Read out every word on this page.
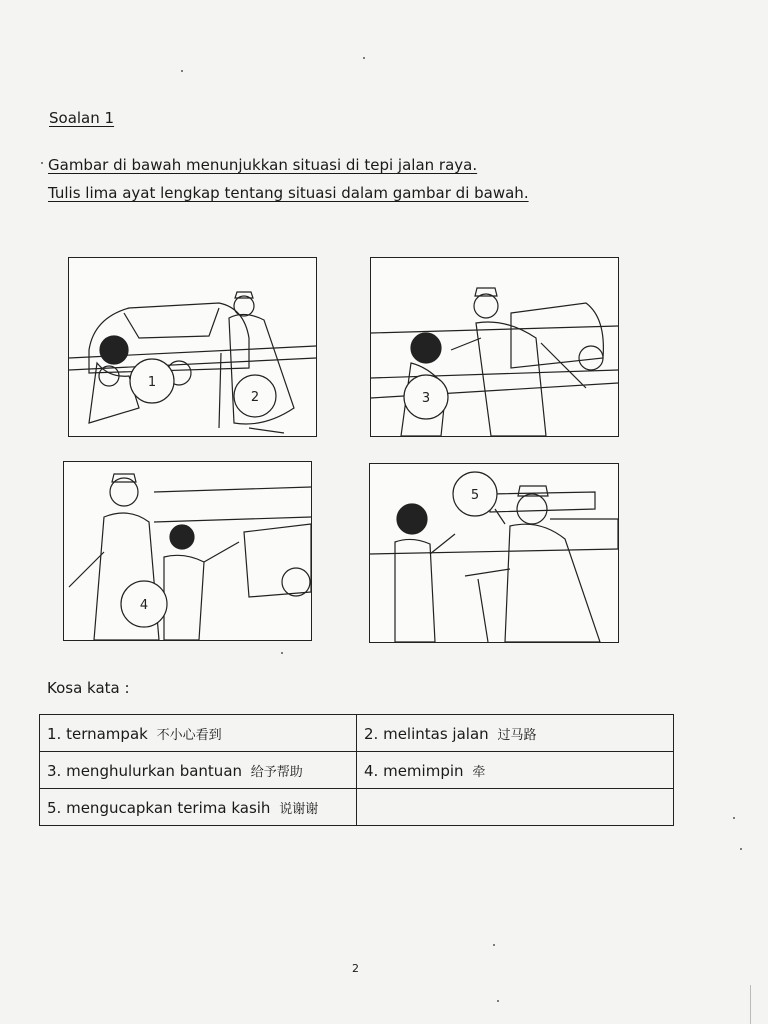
Soalan 1
Gambar di bawah menunjukkan situasi di tepi jalan raya.
Tulis lima ayat lengkap tentang situasi dalam gambar di bawah.
1
2	3
4
5
Kosa kata :
1. ternampak 不小心看到	2. melintas jalan 过马路
3. menghulurkan bantuan 给予帮助	4. memimpin 牵
5. mengucapkan terima kasih 说谢谢	
2
